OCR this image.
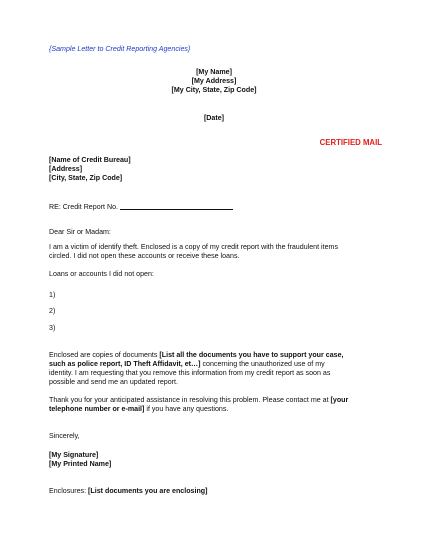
{Sample Letter to Credit Reporting Agencies}
[My Name]
[My Address]
[My City, State, Zip Code]
[Date]
CERTIFIED MAIL
[Name of Credit Bureau]
[Address]
[City, State, Zip Code]
RE: Credit Report No.
Dear Sir or Madam:
I am a victim of identify theft. Enclosed is a copy of my credit report with the fraudulent items
circled. I did not open these accounts or receive these loans.
Loans or accounts I did not open:
1)
2)
3)
Enclosed are copies of documents [List all the documents you have to support your case,
such as police report, ID Theft Affidavit, et…] concerning the unauthorized use of my
identity. I am requesting that you remove this information from my credit report as soon as
possible and send me an updated report.
Thank you for your anticipated assistance in resolving this problem. Please contact me at [your
telephone number or e-mail] if you have any questions.
Sincerely,
[My Signature]
[My Printed Name]
Enclosures: [List documents you are enclosing]
